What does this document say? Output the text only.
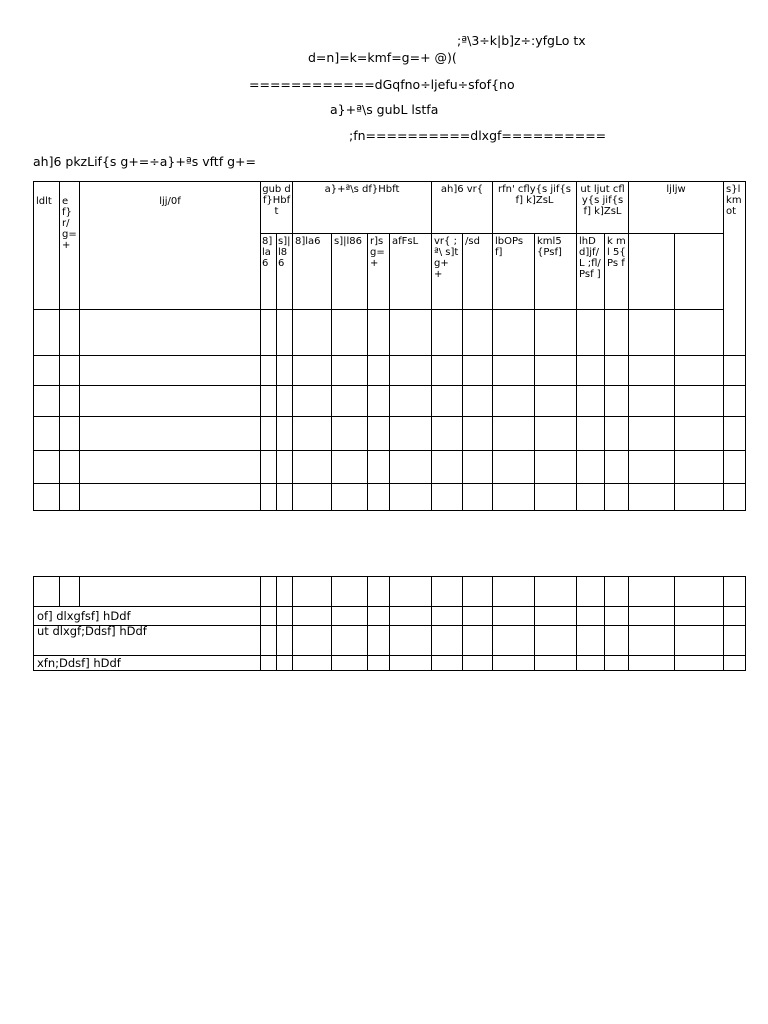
;ª\3÷k|b]z÷:yfgLo tx
d=n]=k=kmf=g=+ @)(
============dGqfno÷ljefu÷sfof{no
a}+ª\s gubL lstfa
;fn==========dlxgf==========
ah]6 pkzLif{s g+=÷a}+ªs vftf g+=
ldlt	ef}r/ g=+	ljj/0f	gub df}Hbf t		a}+ª\s df}Hbft				ah]6 vr{		rfn' cfly{s jif{sf] k]ZsL		ut ljut cfly{s jif{sf] k]ZsL		ljljw		s}lkmot
			8]la6	s]|l86	8]la6	s]|l86	r]s g=+	afFsL	vr{ ;ª\ s]t g+ +	/sd	lbOPs f]	kml5{Psf]	lhD d]jf/L ;fl/ Psf ]	k ml 5{ Ps f			

of] dlxgfsf] hDdf																	
ut dlxgf;Ddsf] hDdf																	
xfn;Ddsf] hDdf																	
